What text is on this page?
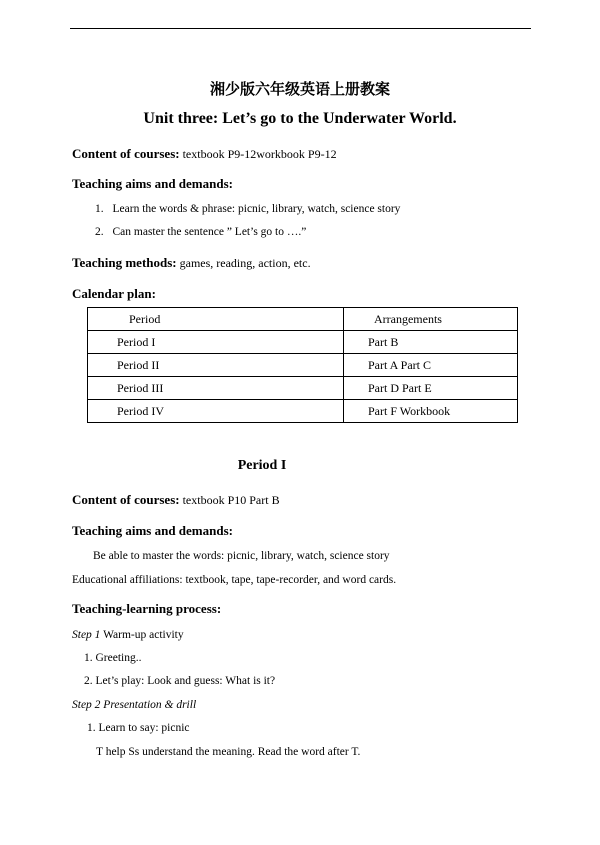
湘少版六年级英语上册教案
Unit three: Let’s go to the Underwater World.
Content of courses: textbook P9-12workbook P9-12
Teaching aims and demands:
1. Learn the words & phrase: picnic, library, watch, science story
2. Can master the sentence ” Let’s go to ….”
Teaching methods: games, reading, action, etc.
Calendar plan:
Period	Arrangements
Period I	Part B
Period II	Part A Part C
Period III	Part D Part E
Period IV	Part F Workbook
Period I
Content of courses: textbook P10 Part B
Teaching aims and demands:
Be able to master the words: picnic, library, watch, science story
Educational affiliations: textbook, tape, tape-recorder, and word cards.
Teaching-learning process:
Step 1 Warm-up activity
1. Greeting..
2. Let’s play: Look and guess: What is it?
Step 2 Presentation & drill
1. Learn to say: picnic
T help Ss understand the meaning. Read the word after T.
